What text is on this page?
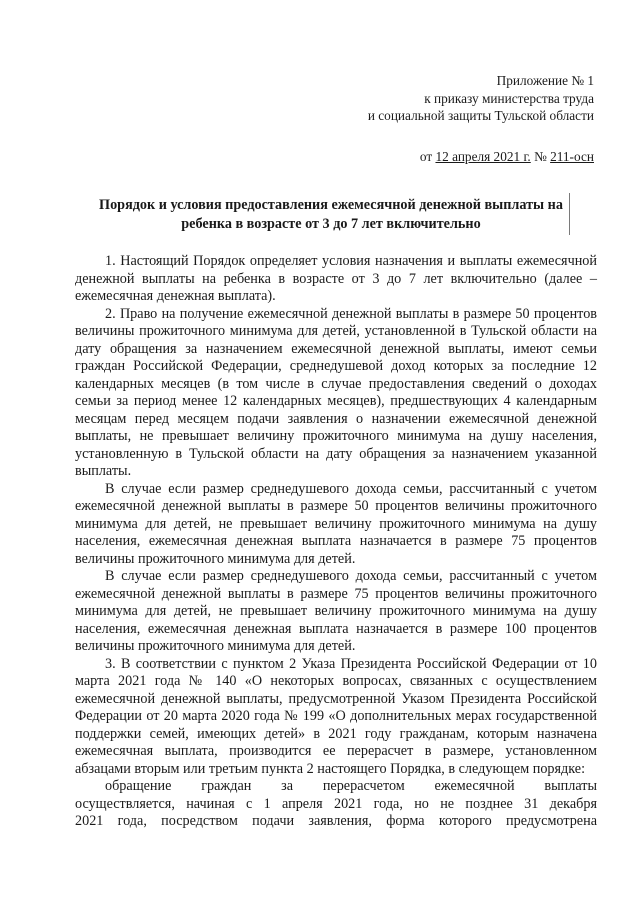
Приложение № 1
к приказу министерства труда
и социальной защиты Тульской области
от 12 апреля 2021 г. № 211-осн
Порядок и условия предоставления ежемесячной денежной выплаты на
ребенка в возрасте от 3 до 7 лет включительно

1. Настоящий Порядок определяет условия назначения и выплаты ежемесячной денежной выплаты на ребенка в возрасте от 3 до 7 лет включительно (далее – ежемесячная денежная выплата).

2. Право на получение ежемесячной денежной выплаты в размере 50 процентов величины прожиточного минимума для детей, установленной в Тульской области на дату обращения за назначением ежемесячной денежной выплаты, имеют семьи граждан Российской Федерации, среднедушевой доход которых за последние 12 календарных месяцев (в том числе в случае предоставления сведений о доходах семьи за период менее 12 календарных месяцев), предшествующих 4 календарным месяцам перед месяцем подачи заявления о назначении ежемесячной денежной выплаты, не превышает величину прожиточного минимума на душу населения, установленную в Тульской области на дату обращения за назначением указанной выплаты.

В случае если размер среднедушевого дохода семьи, рассчитанный с учетом ежемесячной денежной выплаты в размере 50 процентов величины прожиточного минимума для детей, не превышает величину прожиточного минимума на душу населения, ежемесячная денежная выплата назначается в размере 75 процентов величины прожиточного минимума для детей.

В случае если размер среднедушевого дохода семьи, рассчитанный с учетом ежемесячной денежной выплаты в размере 75 процентов величины прожиточного минимума для детей, не превышает величину прожиточного минимума на душу населения, ежемесячная денежная выплата назначается в размере 100 процентов величины прожиточного минимума для детей.

3. В соответствии с пунктом 2 Указа Президента Российской Федерации от 10 марта 2021 года № 140 «О некоторых вопросах, связанных с осуществлением ежемесячной денежной выплаты, предусмотренной Указом Президента Российской Федерации от 20 марта 2020 года № 199 «О дополнительных мерах государственной поддержки семей, имеющих детей» в 2021 году гражданам, которым назначена ежемесячная выплата, производится ее перерасчет в размере, установленном абзацами вторым или третьим пункта 2 настоящего Порядка, в следующем порядке:

обращение граждан за перерасчетом ежемесячной выплаты
осуществляется, начиная с 1 апреля 2021 года, но не позднее 31 декабря
2021 года, посредством подачи заявления, форма которого предусмотрена
